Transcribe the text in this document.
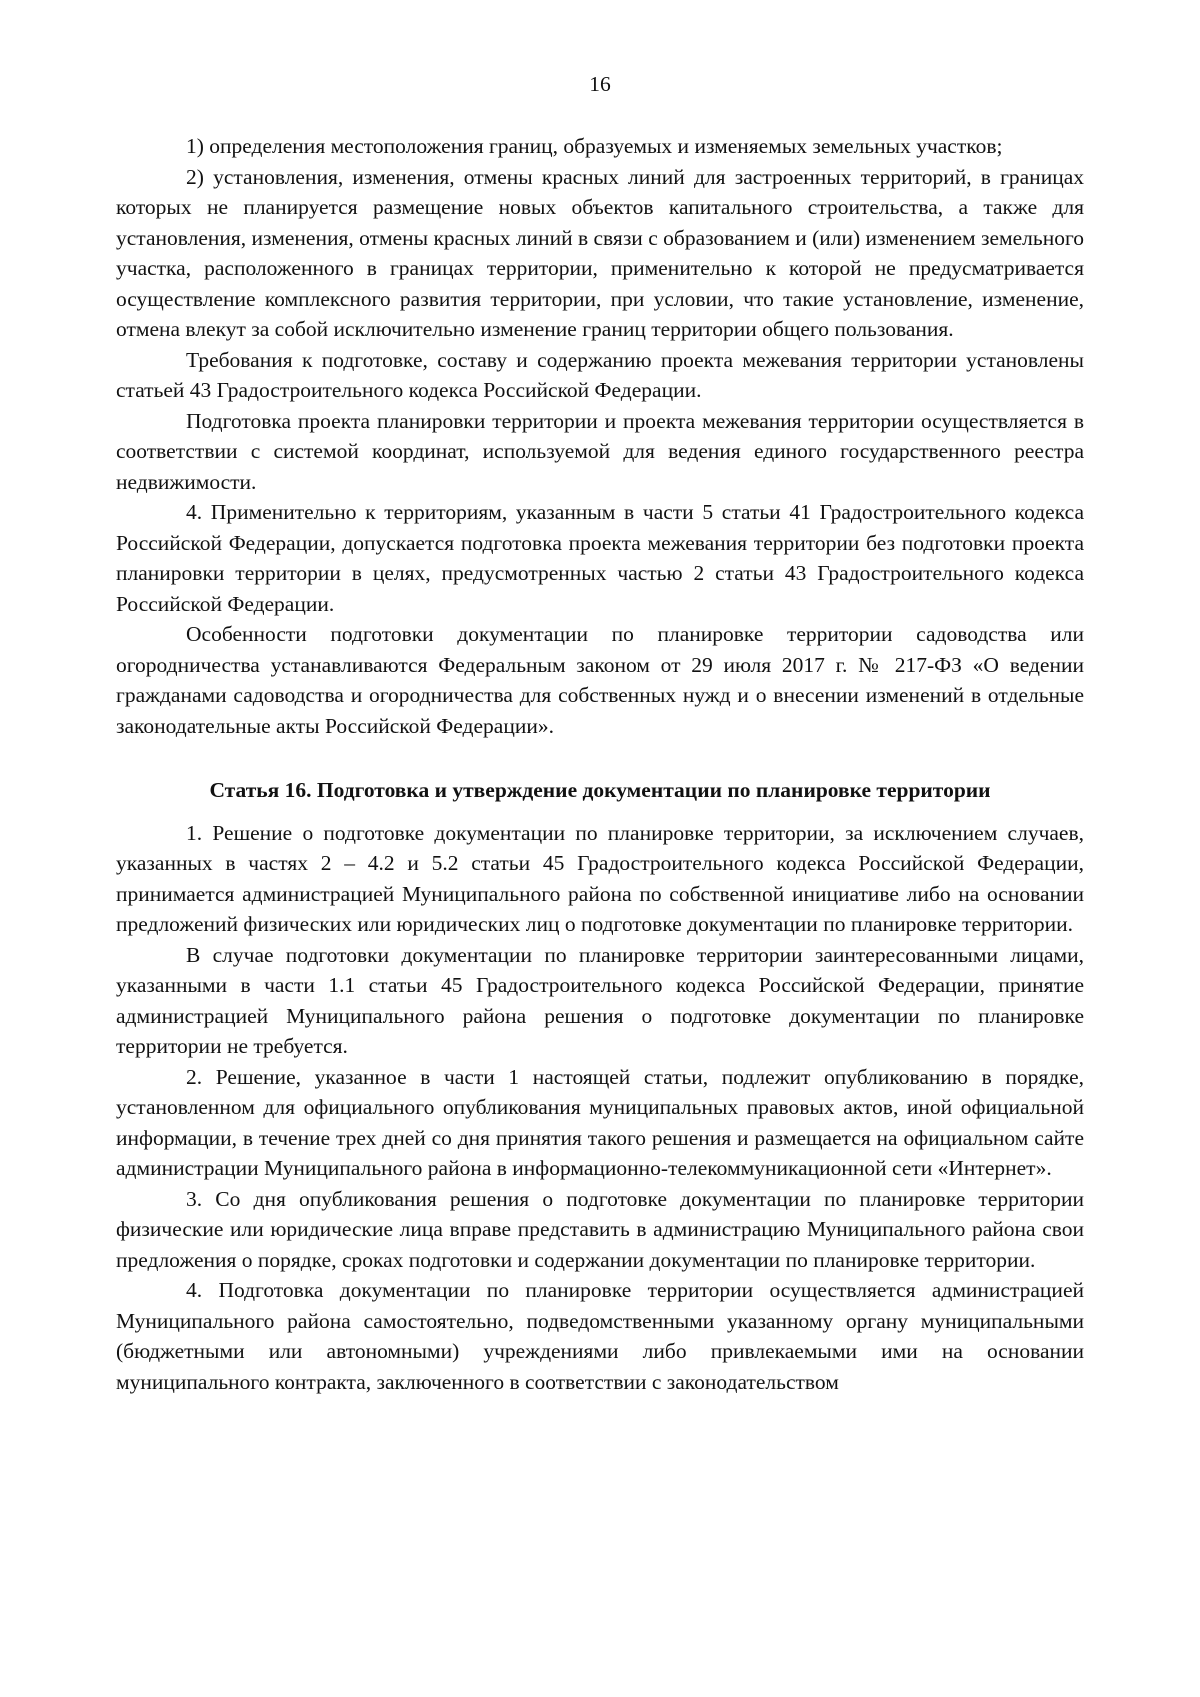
16

1) определения местоположения границ, образуемых и изменяемых земельных участков;

2) установления, изменения, отмены красных линий для застроенных территорий, в границах которых не планируется размещение новых объектов капитального строительства, а также для установления, изменения, отмены красных линий в связи с образованием и (или) изменением земельного участка, расположенного в границах территории, применительно к которой не предусматривается осуществление комплексного развития территории, при условии, что такие установление, изменение, отмена влекут за собой исключительно изменение границ территории общего пользования.

Требования к подготовке, составу и содержанию проекта межевания территории установлены статьей 43 Градостроительного кодекса Российской Федерации.

Подготовка проекта планировки территории и проекта межевания территории осуществляется в соответствии с системой координат, используемой для ведения единого государственного реестра недвижимости.

4. Применительно к территориям, указанным в части 5 статьи 41 Градостроительного кодекса Российской Федерации, допускается подготовка проекта межевания территории без подготовки проекта планировки территории в целях, предусмотренных частью 2 статьи 43 Градостроительного кодекса Российской Федерации.

Особенности подготовки документации по планировке территории садоводства или огородничества устанавливаются Федеральным законом от 29 июля 2017 г. № 217-ФЗ «О ведении гражданами садоводства и огородничества для собственных нужд и о внесении изменений в отдельные законодательные акты Российской Федерации».

Статья 16. Подготовка и утверждение документации по планировке территории

1. Решение о подготовке документации по планировке территории, за исключением случаев, указанных в частях 2 – 4.2 и 5.2 статьи 45 Градостроительного кодекса Российской Федерации, принимается администрацией Муниципального района по собственной инициативе либо на основании предложений физических или юридических лиц о подготовке документации по планировке территории.

В случае подготовки документации по планировке территории заинтересованными лицами, указанными в части 1.1 статьи 45 Градостроительного кодекса Российской Федерации, принятие администрацией Муниципального района решения о подготовке документации по планировке территории не требуется.

2. Решение, указанное в части 1 настоящей статьи, подлежит опубликованию в порядке, установленном для официального опубликования муниципальных правовых актов, иной официальной информации, в течение трех дней со дня принятия такого решения и размещается на официальном сайте администрации Муниципального района в информационно-телекоммуникационной сети «Интернет».

3. Со дня опубликования решения о подготовке документации по планировке территории физические или юридические лица вправе представить в администрацию Муниципального района свои предложения о порядке, сроках подготовки и содержании документации по планировке территории.

4. Подготовка документации по планировке территории осуществляется администрацией Муниципального района самостоятельно, подведомственными указанному органу муниципальными (бюджетными или автономными) учреждениями либо привлекаемыми ими на основании муниципального контракта, заключенного в соответствии с законодательством
